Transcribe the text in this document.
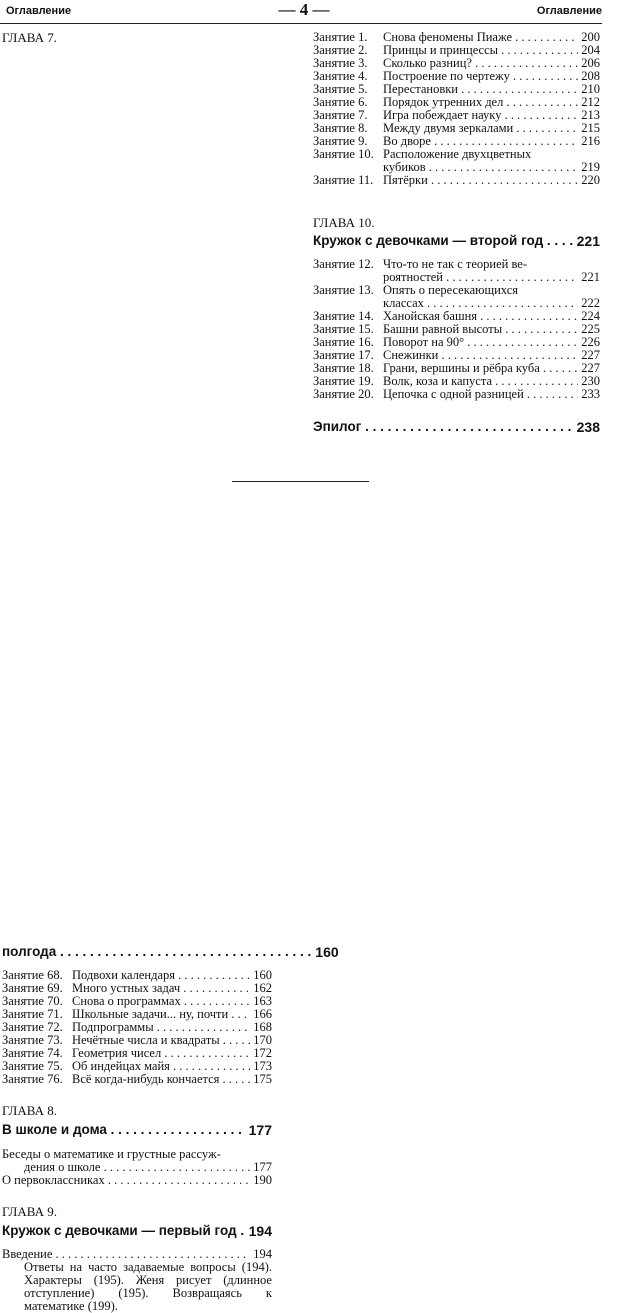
Оглавление	— 4 —	Оглавление
ГЛАВА 7.
полгода . . .	160
Занятие 68. Подвохи календаря . . .	160
Занятие 69. Много устных задач . . .	162
Занятие 70. Снова о программах . . .	163
Занятие 71. Школьные задачи... ну, почти . . .	166
Занятие 72. Подпрограммы . . .	168
Занятие 73. Нечётные числа и квадраты . . .	170
Занятие 74. Геометрия чисел . . .	172
Занятие 75. Об индейцах майя . . .	173
Занятие 76. Всё когда-нибудь кончается . . .	175
ГЛАВА 8.
В школе и дома . . .	177
Беседы о математике и грустные рассуж-
дения о школе . . .	177
О первоклассниках . . .	190
ГЛАВА 9.
Кружок с девочками — первый год . . . 194
Введение . . .	194
Ответы на часто задаваемые вопросы (194). Характеры (195). Женя рисует (длинное отступление) (195). Возвращаясь к математике (199).
Занятие 1.	Снова феномены Пиаже . . .	200
Занятие 2.	Принцы и принцессы . . .	204
Занятие 3.	Сколько разниц? . . .	206
Занятие 4.	Построение по чертежу . . .	208
Занятие 5.	Перестановки . . .	210
Занятие 6.	Порядок утренних дел . . .	212
Занятие 7.	Игра побеждает науку . . .	213
Занятие 8.	Между двумя зеркалами . . .	215
Занятие 9.	Во дворе . . .	216
Занятие 10. Расположение двухцветных
кубиков . . .	219
Занятие 11. Пятёрки . . .	220
ГЛАВА 10.
Кружок с девочками — второй год . . .	221
Занятие 12. Что-то не так с теорией ве-
роятностей . . .	221
Занятие 13. Опять о пересекающихся
классах . . .	222
Занятие 14. Ханойская башня . . .	224
Занятие 15. Башни равной высоты . . .	225
Занятие 16. Поворот на 90° . . .	226
Занятие 17. Снежинки . . .	227
Занятие 18. Грани, вершины и рёбра куба . . .	227
Занятие 19. Волк, коза и капуста . . .	230
Занятие 20. Цепочка с одной разницей . . .	233
Эпилог . . .	238
